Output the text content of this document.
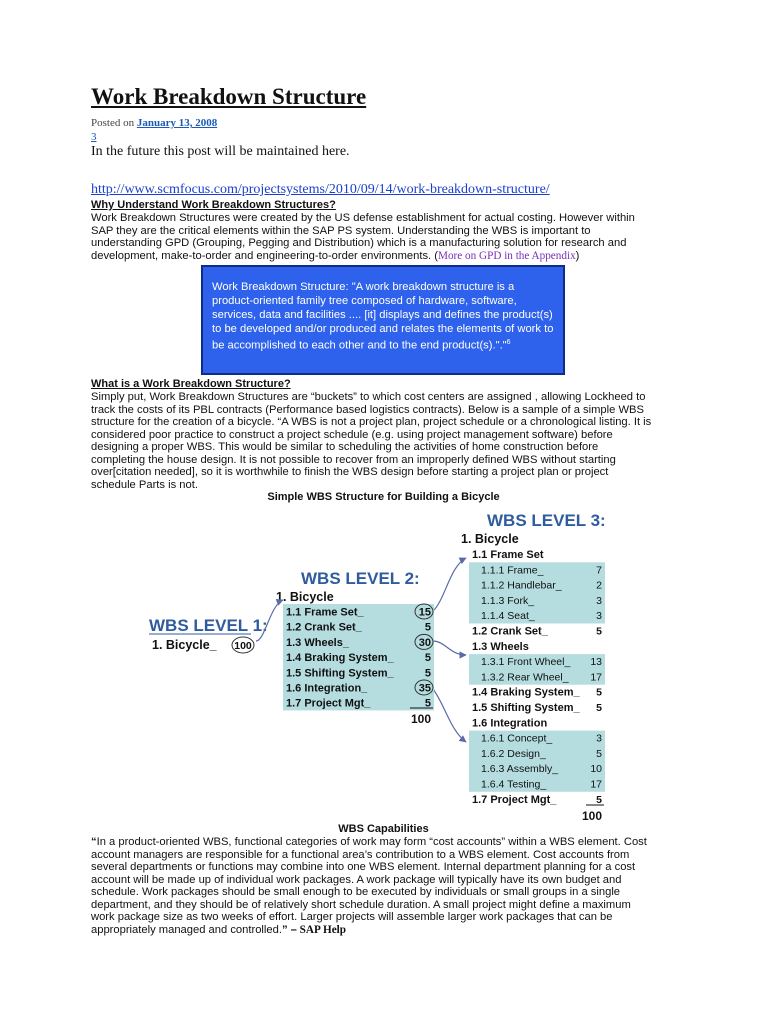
Work Breakdown Structure
Posted on January 13, 2008
3
In the future this post will be maintained here.
http://www.scmfocus.com/projectsystems/2010/09/14/work-breakdown-structure/
Why Understand Work Breakdown Structures?
Work Breakdown Structures were created by the US defense establishment for actual costing. However within
SAP they are the critical elements within the SAP PS system. Understanding the WBS is important to
understanding GPD (Grouping, Pegging and Distribution) which is a manufacturing solution for research and
development, make-to-order and engineering-to-order environments. (More on GPD in the Appendix)
Work Breakdown Structure: "A work breakdown structure is a product-oriented family tree composed of hardware, software, services, data and facilities .... [it] displays and defines the product(s) to be developed and/or produced and relates the elements of work to be accomplished to each other and to the end product(s)."."$^6$
What is a Work Breakdown Structure?
Simply put, Work Breakdown Structures are “buckets” to which cost centers are assigned , allowing Lockheed to
track the costs of its PBL contracts (Performance based logistics contracts). Below is a sample of a simple WBS
structure for the creation of a bicycle. “A WBS is not a project plan, project schedule or a chronological listing. It is
considered poor practice to construct a project schedule (e.g. using project management software) before
designing a proper WBS. This would be similar to scheduling the activities of home construction before
completing the house design. It is not possible to recover from an improperly defined WBS without starting
over[citation needed], so it is worthwhile to finish the WBS design before starting a project plan or project
schedule Parts is not.
Simple WBS Structure for Building a Bicycle
WBS LEVEL 1:
1. Bicycle_ 100
WBS LEVEL 2:
1. Bicycle
WBS LEVEL 3:
1. Bicycle
1.1 Frame Set_	15
1.2 Crank Set_	5
1.3 Wheels_	30
1.4 Braking System_	5
1.5 Shifting System_	5
1.6 Integration_	35
1.7 Project Mgt_	5
100
1.1 Frame Set
1.1.1 Frame_	7
1.1.2 Handlebar_	2
1.1.3 Fork_	3
1.1.4 Seat_	3
1.2 Crank Set_	5
1.3 Wheels
1.3.1 Front Wheel_ 13
1.3.2 Rear Wheel_ 17
1.4 Braking System_ 5
1.5 Shifting System_ 5
1.6 Integration
1.6.1 Concept_	3
1.6.2 Design_	5
1.6.3 Assembly_	10
1.6.4 Testing_	17
1.7 Project Mgt_	5
100
WBS Capabilities
“In a product-oriented WBS, functional categories of work may form “cost accounts” within a WBS element. Cost
account managers are responsible for a functional area’s contribution to a WBS element. Cost accounts from
several departments or functions may combine into one WBS element. Internal department planning for a cost
account will be made up of individual work packages. A work package will typically have its own budget and
schedule. Work packages should be small enough to be executed by individuals or small groups in a single
department, and they should be of relatively short schedule duration. A small project might define a maximum
work package size as two weeks of effort. Larger projects will assemble larger work packages that can be
appropriately managed and controlled.” – SAP Help
